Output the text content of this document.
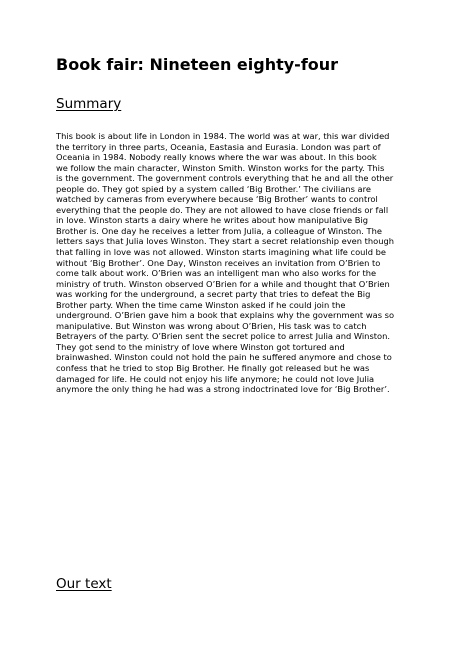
Book fair: Nineteen eighty-four
Summary
This book is about life in London in 1984. The world was at war, this war divided
the territory in three parts, Oceania, Eastasia and Eurasia. London was part of
Oceania in 1984. Nobody really knows where the war was about. In this book
we follow the main character, Winston Smith. Winston works for the party. This
is the government. The government controls everything that he and all the other
people do. They got spied by a system called ‘Big Brother.’ The civilians are
watched by cameras from everywhere because ‘Big Brother’ wants to control
everything that the people do. They are not allowed to have close friends or fall
in love. Winston starts a dairy where he writes about how manipulative Big
Brother is. One day he receives a letter from Julia, a colleague of Winston. The
letters says that Julia loves Winston. They start a secret relationship even though
that falling in love was not allowed. Winston starts imagining what life could be
without ‘Big Brother’. One Day, Winston receives an invitation from O’Brien to
come talk about work. O’Brien was an intelligent man who also works for the
ministry of truth. Winston observed O’Brien for a while and thought that O’Brien
was working for the underground, a secret party that tries to defeat the Big
Brother party. When the time came Winston asked if he could join the
underground. O’Brien gave him a book that explains why the government was so
manipulative. But Winston was wrong about O’Brien, His task was to catch
Betrayers of the party. O’Brien sent the secret police to arrest Julia and Winston.
They got send to the ministry of love where Winston got tortured and
brainwashed. Winston could not hold the pain he suffered anymore and chose to
confess that he tried to stop Big Brother. He finally got released but he was
damaged for life. He could not enjoy his life anymore; he could not love Julia
anymore the only thing he had was a strong indoctrinated love for ‘Big Brother’.
Our text
